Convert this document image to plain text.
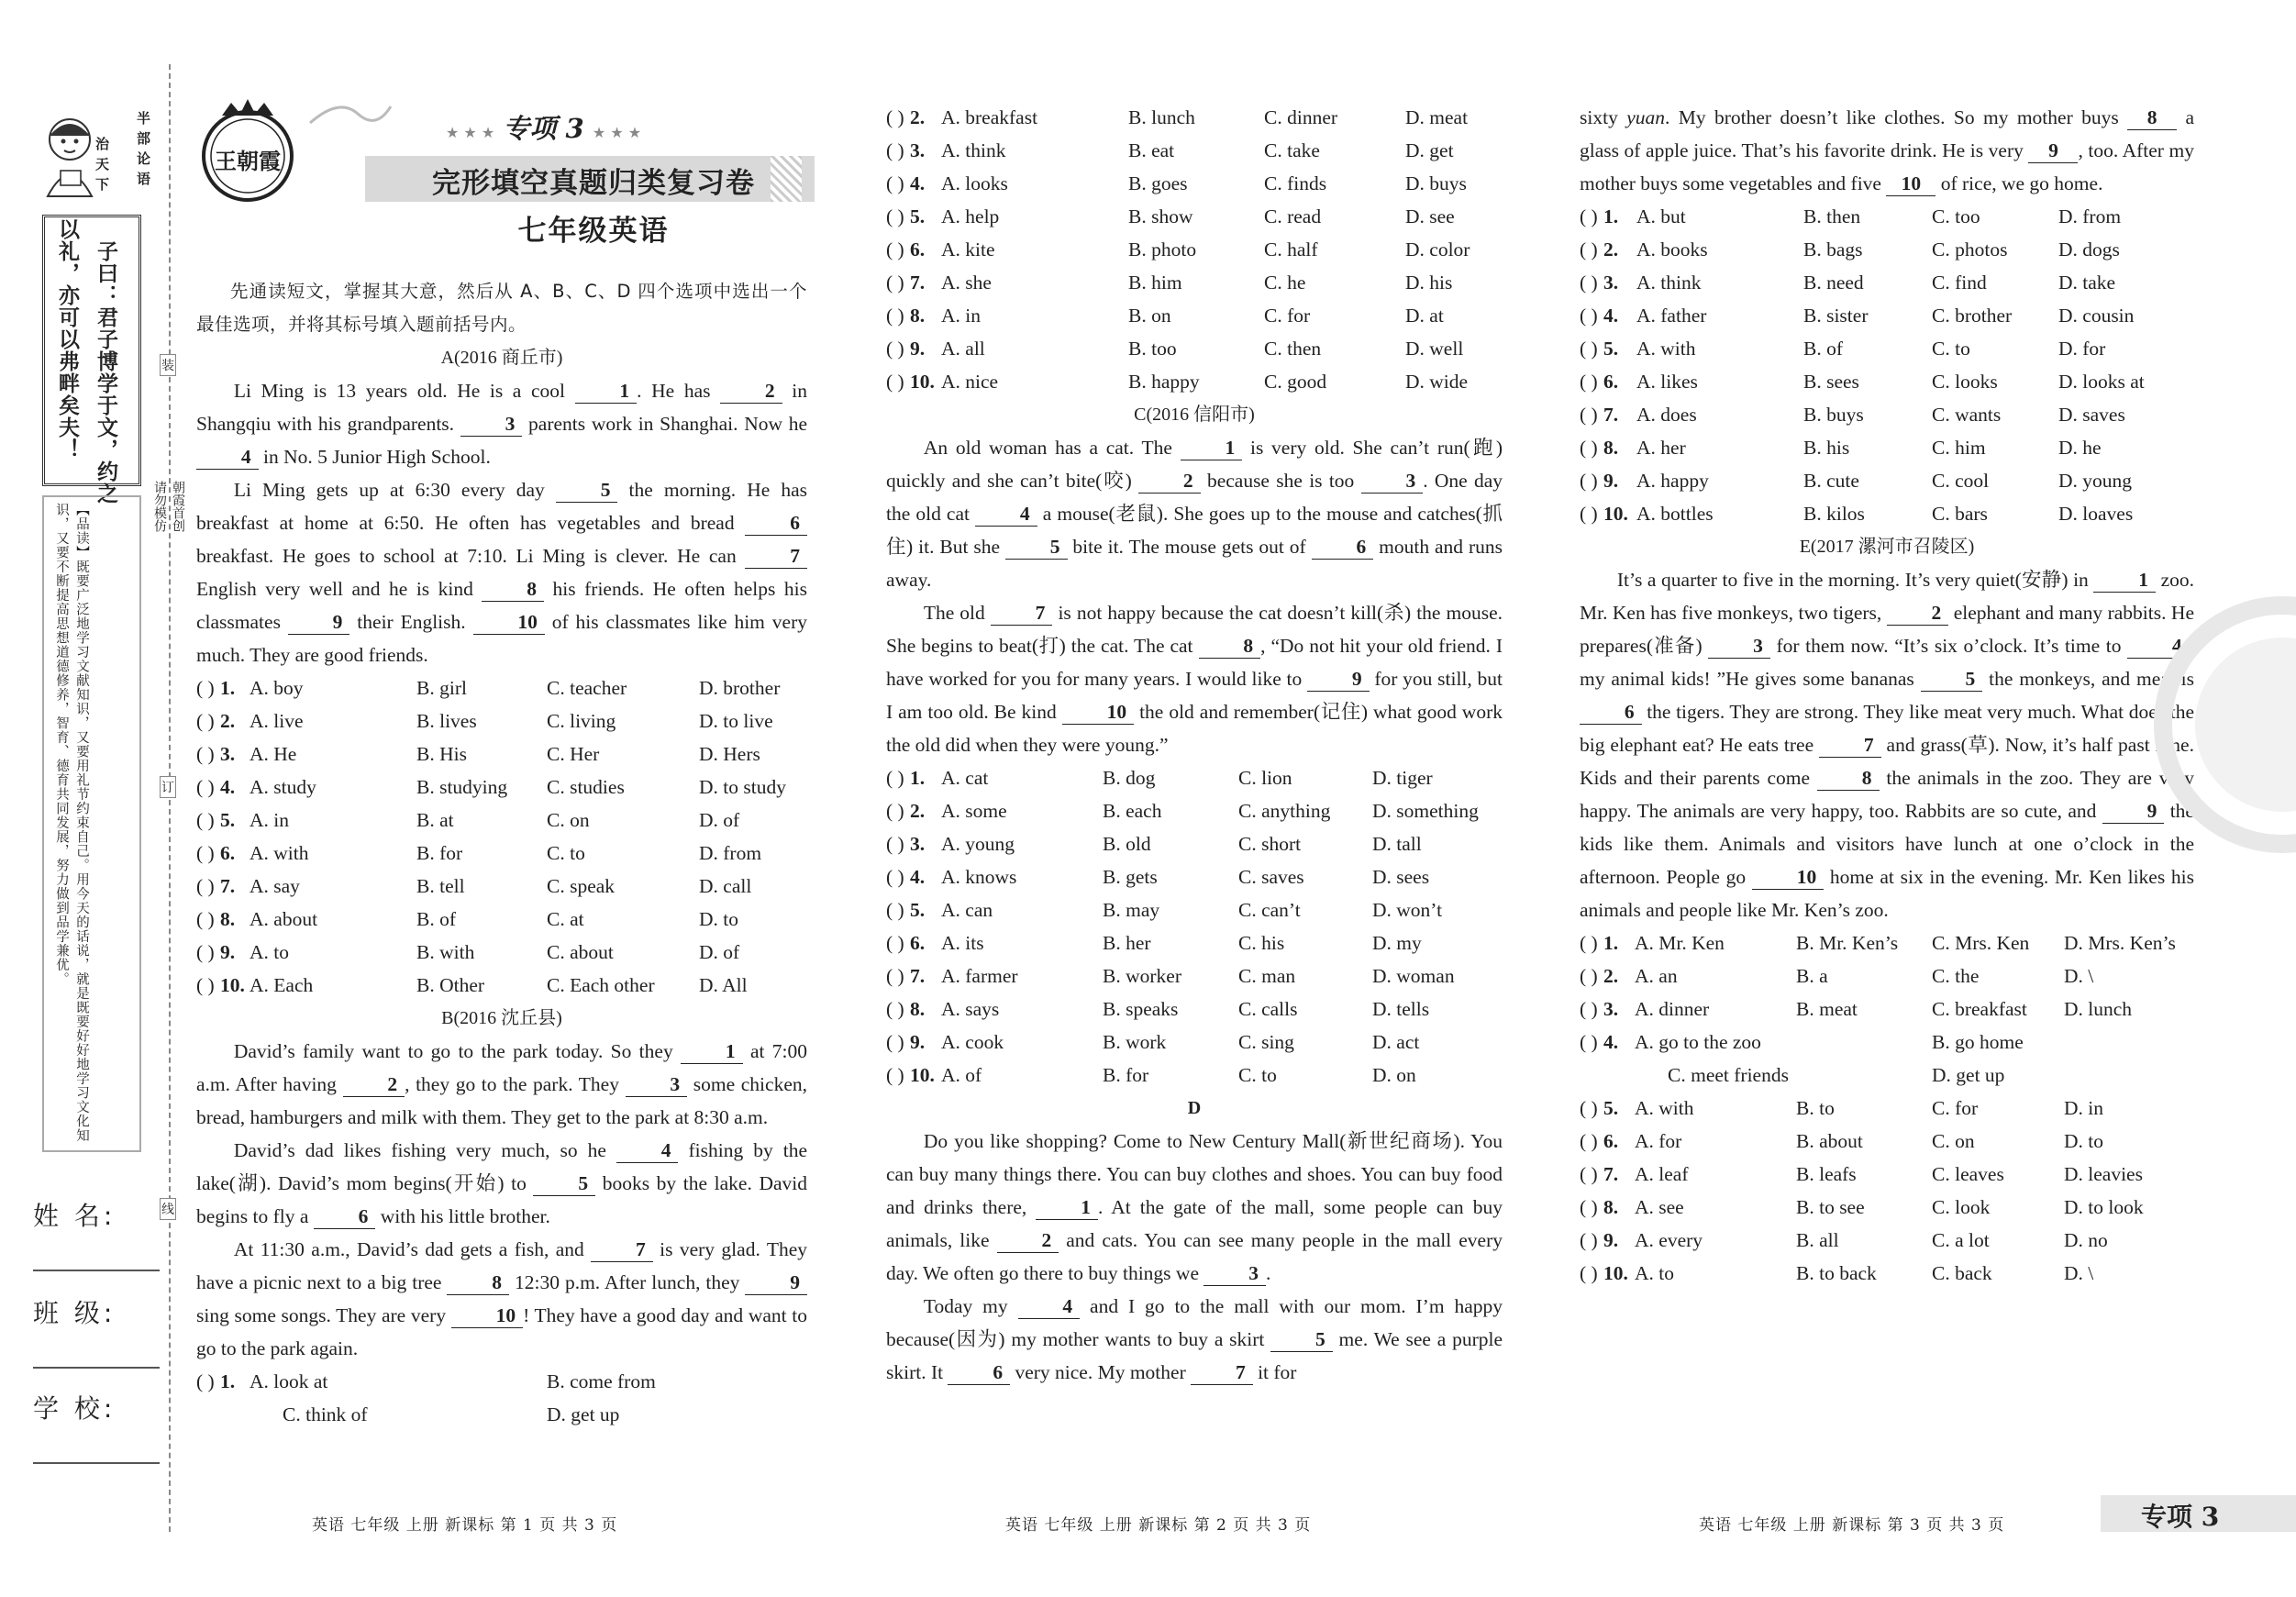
半
部
论
语
治
天
下
子曰：君子博学于文，约之
以礼，亦可以弗畔矣夫！
【品读】既要广泛地学习文献知识，又要用礼节约束自己。用今天的话说，就是既要好好地学习文化知识，又要不断提高思想道德修养，智育、德育共同发展，努力做到品学兼优。	朝霞首创
请勿模仿
姓 名:
班 级:
学 校:
装
订
线
王朝霞
★ ★ ★ 专项 3 ★ ★ ★
完形填空真题归类复习卷
七年级英语

先通读短文，掌握其大意，然后从 A、B、C、D 四个选项中选出一个最佳选项，并将其标号填入题前括号内。

A(2016 商丘市)

Li Ming is 13 years old. He is a cool 1 . He has 2 in Shangqiu with his grandparents. 3 parents work in Shanghai. Now he 4 in No. 5 Junior High School.

Li Ming gets up at 6:30 every day 5 the morning. He has breakfast at home at 6:50. He often has vegetables and bread 6 breakfast. He goes to school at 7:10. Li Ming is clever. He can 7 English very well and he is kind 8 his friends. He often helps his classmates 9 their English. 10 of his classmates like him very much. They are good friends.

( ) 1. A. boy	B. girl	C. teacher	D. brother
( ) 2. A. live	B. lives	C. living	D. to live
( ) 3. A. He	B. His	C. Her	D. Hers
( ) 4. A. study	B. studying C. studies	D. to study
( ) 5. A. in	B. at	C. on	D. of
( ) 6. A. with	B. for	C. to	D. from
( ) 7. A. say	B. tell	C. speak	D. call
( ) 8. A. about	B. of	C. at	D. to
( ) 9. A. to	B. with	C. about	D. of
( ) 10. A. Each	B. Other	C. Each other D. All
B(2016 沈丘县)

David’s family want to go to the park today. So they 1 at 7:00 a.m. After having 2 , they go to the park. They 3 some chicken, bread, hamburgers and milk with them. They get to the park at 8:30 a.m.

David’s dad likes fishing very much, so he 4 fishing by the lake(湖). David’s mom begins(开始) to 5 books by the lake. David begins to fly a 6 with his little brother.

At 11:30 a.m., David’s dad gets a fish, and 7 is very glad. They have a picnic next to a big tree 8 12:30 p.m. After lunch, they 9 sing some songs. They are very 10 ! They have a good day and want to go to the park again.

( ) 1. A. look at	B. come from
C. think of	D. get up
( ) 2. A. breakfast	B. lunch	C. dinner	D. meat
( ) 3. A. think	B. eat	C. take	D. get
( ) 4. A. looks	B. goes	C. finds	D. buys
( ) 5. A. help	B. show	C. read	D. see
( ) 6. A. kite	B. photo	C. half	D. color
( ) 7. A. she	B. him	C. he	D. his
( ) 8. A. in	B. on	C. for	D. at
( ) 9. A. all	B. too	C. then	D. well
( ) 10. A. nice	B. happy	C. good	D. wide
C(2016 信阳市)

An old woman has a cat. The 1 is very old. She can’t run(跑) quickly and she can’t bite(咬) 2 because she is too 3 . One day the old cat 4 a mouse(老鼠). She goes up to the mouse and catches(抓住) it. But she 5 bite it. The mouse gets out of 6 mouth and runs away.

The old 7 is not happy because the cat doesn’t kill(杀) the mouse. She begins to beat(打) the cat. The cat 8 , “Do not hit your old friend. I have worked for you for many years. I would like to 9 for you still, but I am too old. Be kind 10 the old and remember(记住) what good work the old did when they were young.”

( ) 1. A. cat	B. dog	C. lion	D. tiger
( ) 2. A. some	B. each	C. anything D. something
( ) 3. A. young	B. old	C. short	D. tall
( ) 4. A. knows	B. gets	C. saves	D. sees
( ) 5. A. can	B. may	C. can’t	D. won’t
( ) 6. A. its	B. her	C. his	D. my
( ) 7. A. farmer	B. worker	C. man	D. woman
( ) 8. A. says	B. speaks	C. calls	D. tells
( ) 9. A. cook	B. work	C. sing	D. act
( ) 10. A. of	B. for	C. to	D. on
D

Do you like shopping? Come to New Century Mall(新世纪商场). You can buy many things there. You can buy clothes and shoes. You can buy food and drinks there, 1 . At the gate of the mall, some people can buy animals, like 2 and cats. You can see many people in the mall every day. We often go there to buy things we 3 .

Today my 4 and I go to the mall with our mom. I’m happy because(因为) my mother wants to buy a skirt 5 me. We see a purple skirt. It 6 very nice. My mother 7 it for

sixty yuan. My brother doesn’t like clothes. So my mother buys 8 a glass of apple juice. That’s his favorite drink. He is very 9 , too. After my mother buys some vegetables and five 10 of rice, we go home.

( ) 1. A. but	B. then	C. too	D. from
( ) 2. A. books	B. bags	C. photos	D. dogs
( ) 3. A. think	B. need	C. find	D. take
( ) 4. A. father	B. sister	C. brother D. cousin
( ) 5. A. with	B. of	C. to	D. for
( ) 6. A. likes	B. sees	C. looks	D. looks at
( ) 7. A. does	B. buys	C. wants	D. saves
( ) 8. A. her	B. his	C. him	D. he
( ) 9. A. happy	B. cute	C. cool	D. young
( ) 10. A. bottles	B. kilos	C. bars	D. loaves
E(2017 漯河市召陵区)

It’s a quarter to five in the morning. It’s very quiet(安静) in 1 zoo. Mr. Ken has five monkeys, two tigers, 2 elephant and many rabbits. He prepares(准备) 3 for them now. “It’s six o’clock. It’s time to 4 , my animal kids! ”He gives some bananas 5 the monkeys, and meat is 6 the tigers. They are strong. They like meat very much. What does the big elephant eat? He eats tree 7 and grass(草). Now, it’s half past nine. Kids and their parents come 8 the animals in the zoo. They are very happy. The animals are very happy, too. Rabbits are so cute, and 9 the kids like them. Animals and visitors have lunch at one o’clock in the afternoon. People go 10 home at six in the evening. Mr. Ken likes his animals and people like Mr. Ken’s zoo.

( ) 1. A. Mr. Ken	B. Mr. Ken’s C. Mrs. Ken D. Mrs. Ken’s
( ) 2. A. an	B. a	C. the	D. \
( ) 3. A. dinner	B. meat	C. breakfast D. lunch
( ) 4. A. go to the zoo	B. go home
C. meet friends	D. get up
( ) 5. A. with	B. to	C. for	D. in
( ) 6. A. for	B. about	C. on	D. to
( ) 7. A. leaf	B. leafs	C. leaves	D. leavies
( ) 8. A. see	B. to see	C. look	D. to look
( ) 9. A. every	B. all	C. a lot	D. no
( ) 10. A. to	B. to back	C. back	D. \
英语 七年级 上册 新课标 第 1 页 共 3 页	英语 七年级 上册 新课标 第 2 页 共 3 页	英语 七年级 上册 新课标 第 3 页 共 3 页	专项 3
